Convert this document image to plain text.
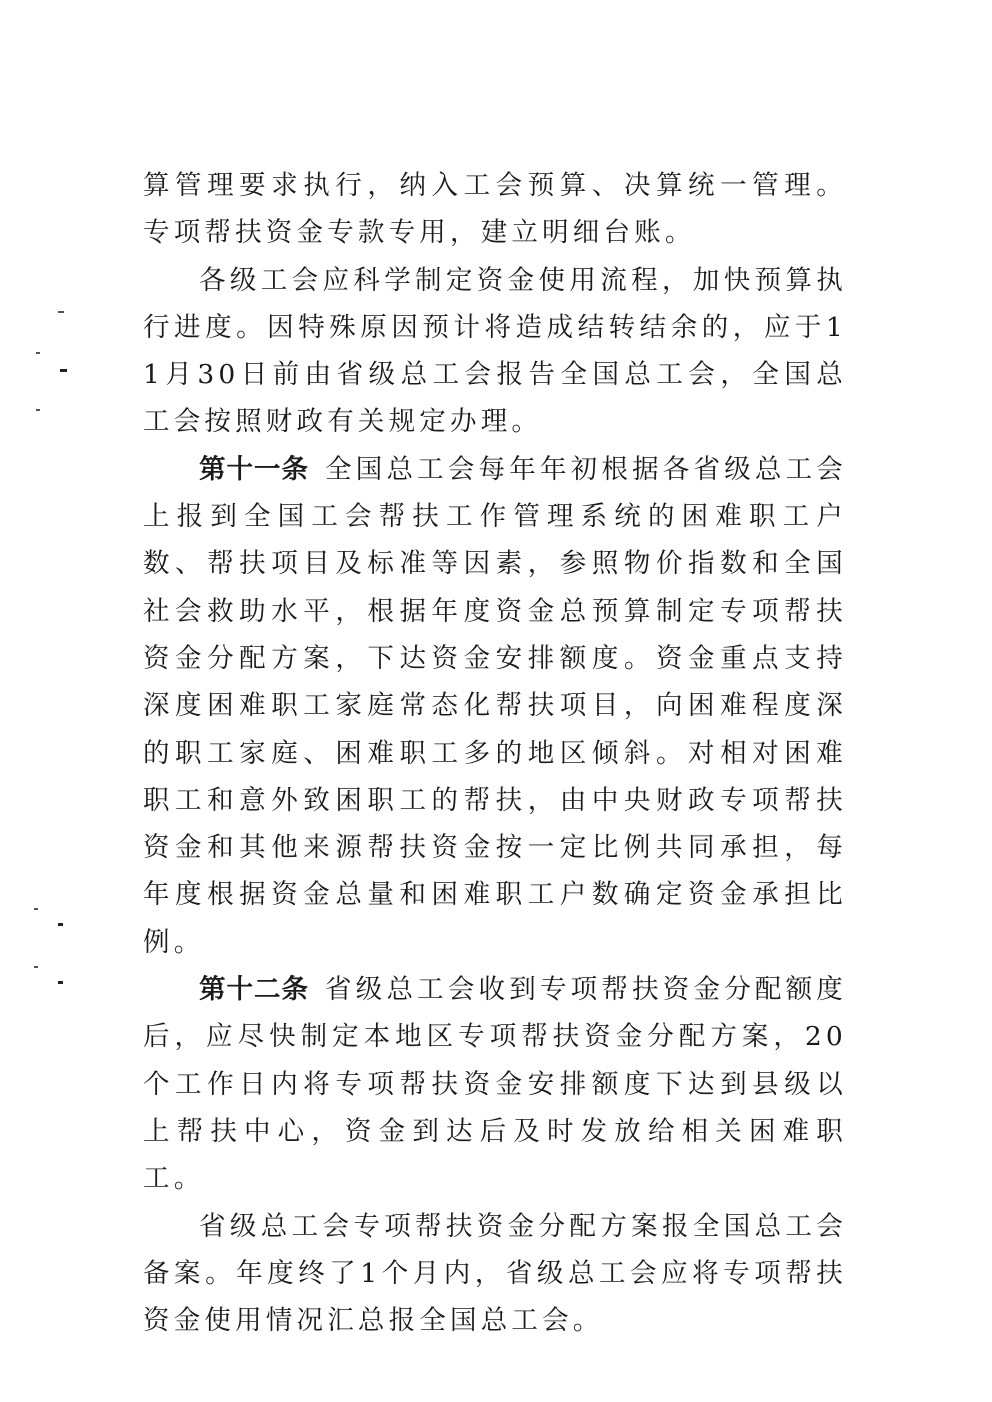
算管理要求执行，纳入工会预算、决算统一管理。专项帮扶资金专款专用，建立明细台账。

各级工会应科学制定资金使用流程，加快预算执行进度。因特殊原因预计将造成结转结余的，应于11月30日前由省级总工会报告全国总工会，全国总工会按照财政有关规定办理。

第十一条 全国总工会每年年初根据各省级总工会上报到全国工会帮扶工作管理系统的困难职工户数、帮扶项目及标准等因素，参照物价指数和全国社会救助水平，根据年度资金总预算制定专项帮扶资金分配方案，下达资金安排额度。资金重点支持深度困难职工家庭常态化帮扶项目，向困难程度深的职工家庭、困难职工多的地区倾斜。对相对困难职工和意外致困职工的帮扶，由中央财政专项帮扶资金和其他来源帮扶资金按一定比例共同承担，每年度根据资金总量和困难职工户数确定资金承担比例。

第十二条 省级总工会收到专项帮扶资金分配额度后，应尽快制定本地区专项帮扶资金分配方案，20个工作日内将专项帮扶资金安排额度下达到县级以上帮扶中心，资金到达后及时发放给相关困难职工。

省级总工会专项帮扶资金分配方案报全国总工会备案。年度终了1个月内，省级总工会应将专项帮扶资金使用情况汇总报全国总工会。
